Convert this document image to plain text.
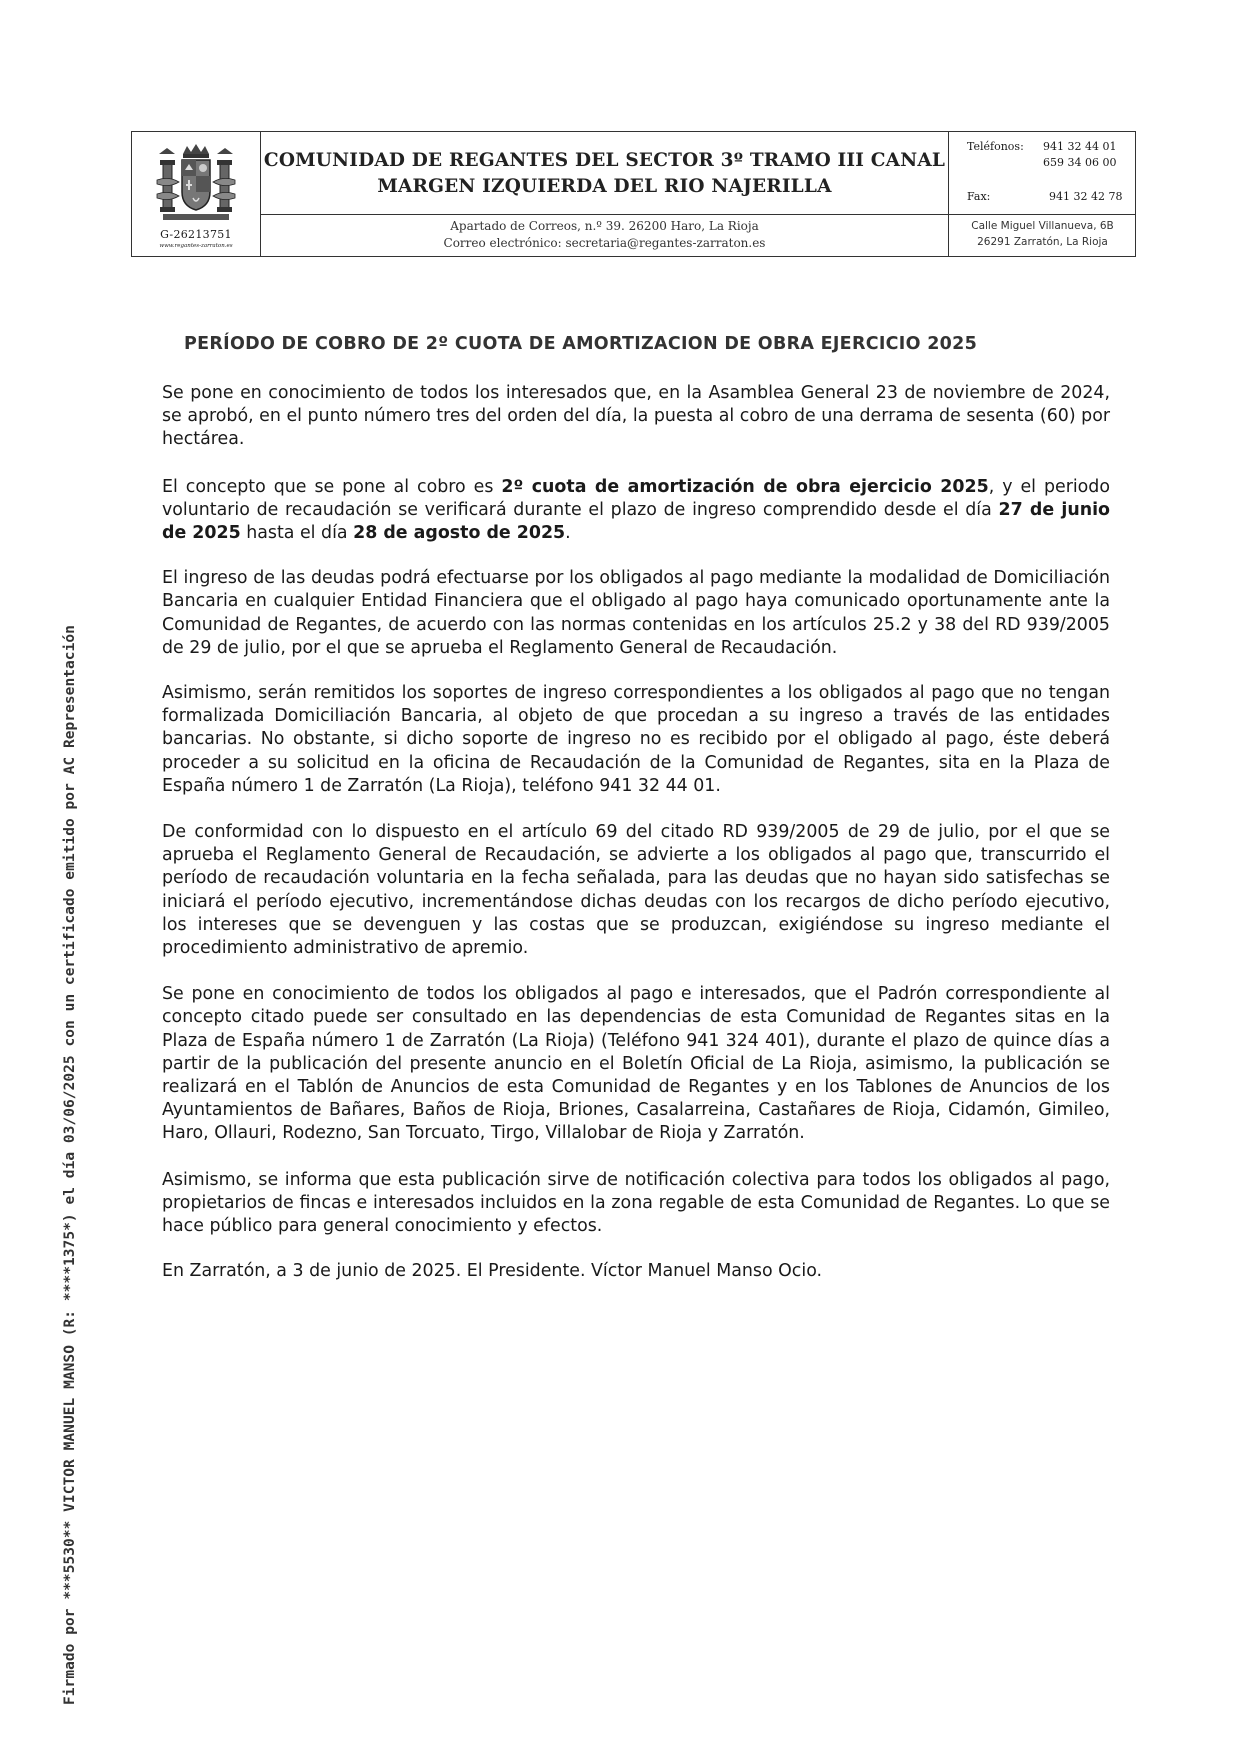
G-26213751
www.regantes-zarraton.es
COMUNIDAD DE REGANTES DEL SECTOR 3º TRAMO III CANAL
MARGEN IZQUIERDA DEL RIO NAJERILLA
Apartado de Correos, n.º 39. 26200 Haro, La Rioja
Correo electrónico: secretaria@regantes-zarraton.es
Teléfonos: 941 32 44 01
659 34 06 00
Fax:	941 32 42 78
Calle Miguel Villanueva, 6B
26291 Zarratón, La Rioja
Firmado por ***5530** VICTOR MANUEL MANSO (R: ****1375*) el día 03/06/2025 con un certificado emitido por AC Representación
PERÍODO DE COBRO DE 2º CUOTA DE AMORTIZACION DE OBRA EJERCICIO 2025

Se pone en conocimiento de todos los interesados que, en la Asamblea General 23 de noviembre de 2024, se aprobó, en el punto número tres del orden del día, la puesta al cobro de una derrama de sesenta (60) por hectárea.

El concepto que se pone al cobro es 2º cuota de amortización de obra ejercicio 2025, y el periodo voluntario de recaudación se verificará durante el plazo de ingreso comprendido desde el día 27 de junio de 2025 hasta el día 28 de agosto de 2025.

El ingreso de las deudas podrá efectuarse por los obligados al pago mediante la modalidad de Domiciliación Bancaria en cualquier Entidad Financiera que el obligado al pago haya comunicado oportunamente ante la Comunidad de Regantes, de acuerdo con las normas contenidas en los artículos 25.2 y 38 del RD 939/2005 de 29 de julio, por el que se aprueba el Reglamento General de Recaudación.

Asimismo, serán remitidos los soportes de ingreso correspondientes a los obligados al pago que no tengan formalizada Domiciliación Bancaria, al objeto de que procedan a su ingreso a través de las entidades bancarias. No obstante, si dicho soporte de ingreso no es recibido por el obligado al pago, éste deberá proceder a su solicitud en la oficina de Recaudación de la Comunidad de Regantes, sita en la Plaza de España número 1 de Zarratón (La Rioja), teléfono 941 32 44 01.

De conformidad con lo dispuesto en el artículo 69 del citado RD 939/2005 de 29 de julio, por el que se aprueba el Reglamento General de Recaudación, se advierte a los obligados al pago que, transcurrido el período de recaudación voluntaria en la fecha señalada, para las deudas que no hayan sido satisfechas se iniciará el período ejecutivo, incrementándose dichas deudas con los recargos de dicho período ejecutivo, los intereses que se devenguen y las costas que se produzcan, exigiéndose su ingreso mediante el procedimiento administrativo de apremio.

Se pone en conocimiento de todos los obligados al pago e interesados, que el Padrón correspondiente al concepto citado puede ser consultado en las dependencias de esta Comunidad de Regantes sitas en la Plaza de España número 1 de Zarratón (La Rioja) (Teléfono 941 324 401), durante el plazo de quince días a partir de la publicación del presente anuncio en el Boletín Oficial de La Rioja, asimismo, la publicación se realizará en el Tablón de Anuncios de esta Comunidad de Regantes y en los Tablones de Anuncios de los Ayuntamientos de Bañares, Baños de Rioja, Briones, Casalarreina, Castañares de Rioja, Cidamón, Gimileo, Haro, Ollauri, Rodezno, San Torcuato, Tirgo, Villalobar de Rioja y Zarratón.

Asimismo, se informa que esta publicación sirve de notificación colectiva para todos los obligados al pago, propietarios de fincas e interesados incluidos en la zona regable de esta Comunidad de Regantes. Lo que se hace público para general conocimiento y efectos.

En Zarratón, a 3 de junio de 2025. El Presidente. Víctor Manuel Manso Ocio.
